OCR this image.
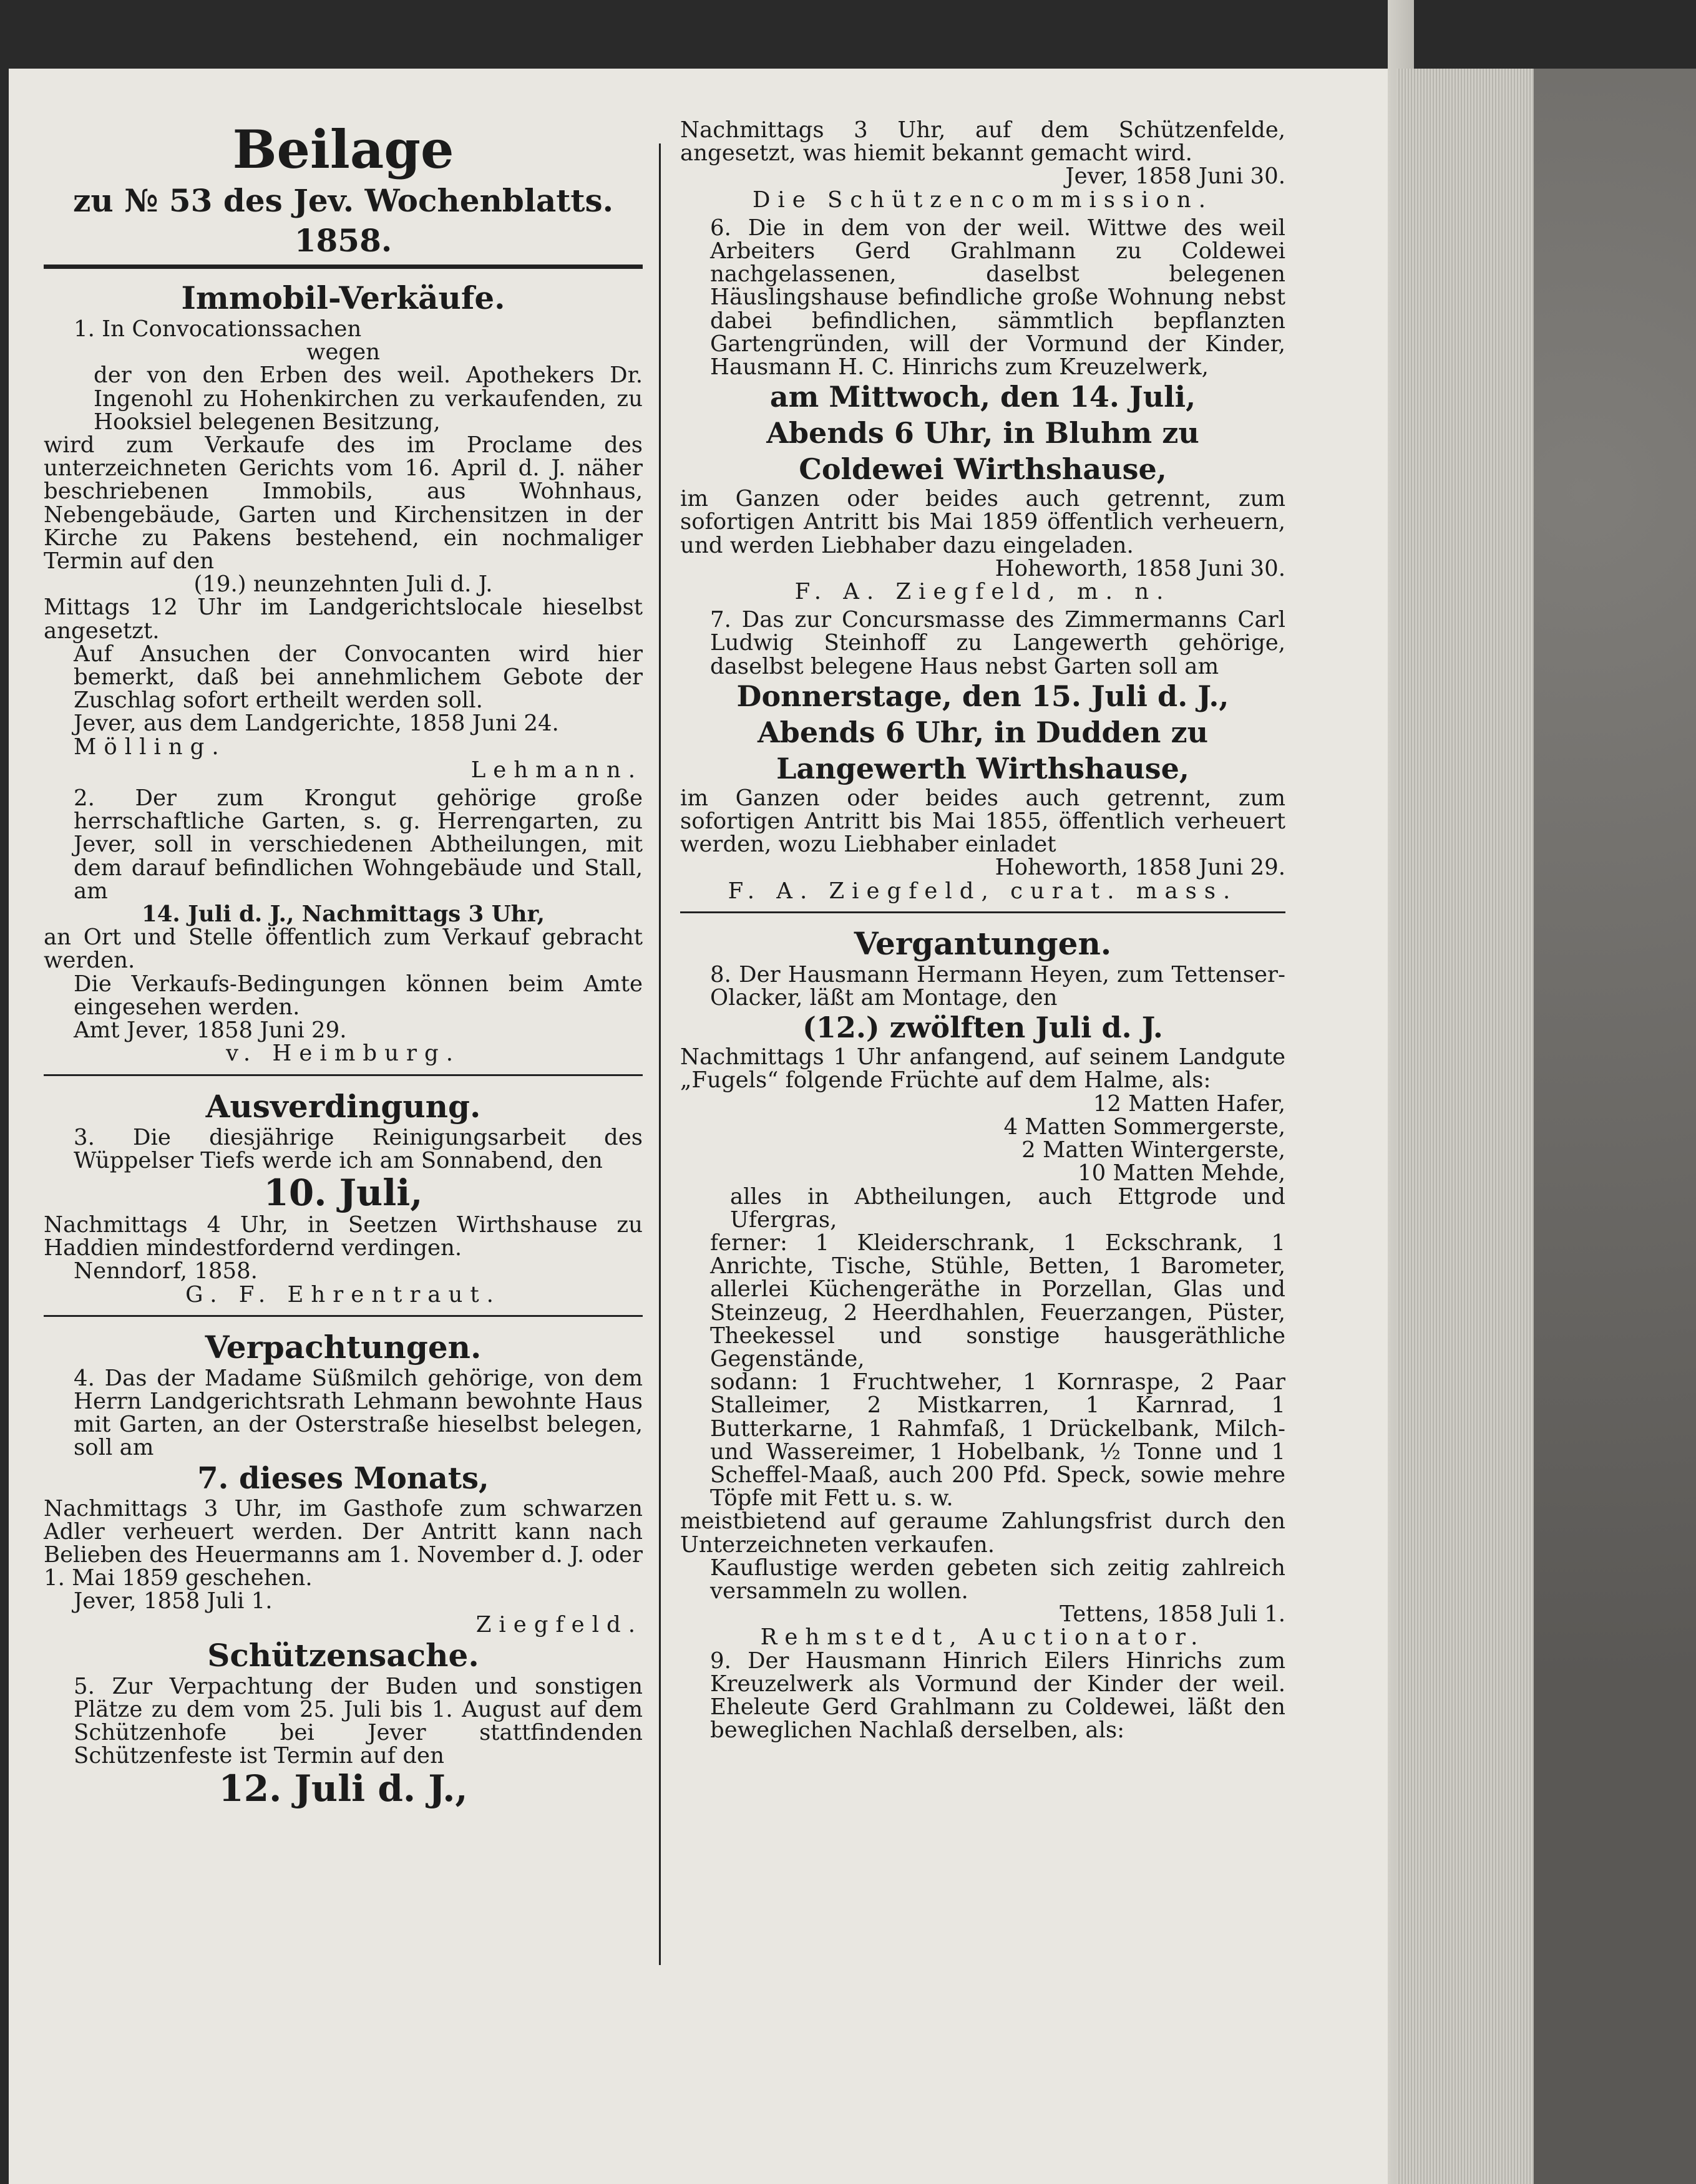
Beilage
zu № 53 des Jev. Wochenblatts. 1858.
Immobil-Verkäufe.

1. In Convocationssachen

wegen

der von den Erben des weil. Apothekers Dr. Ingenohl zu Hohenkirchen zu verkaufenden, zu Hooksiel belegenen Besitzung,

wird zum Verkaufe des im Proclame des unterzeichneten Gerichts vom 16. April d. J. näher beschriebenen Immobils, aus Wohnhaus, Nebengebäude, Garten und Kirchensitzen in der Kirche zu Pakens bestehend, ein nochmaliger Termin auf den

(19.) neunzehnten Juli d. J.

Mittags 12 Uhr im Landgerichtslocale hieselbst angesetzt.

Auf Ansuchen der Convocanten wird hier bemerkt, daß bei annehmlichem Gebote der Zuschlag sofort ertheilt werden soll.

Jever, aus dem Landgerichte, 1858 Juni 24.

Mölling.

Lehmann.

2. Der zum Krongut gehörige große herrschaftliche Garten, s. g. Herrengarten, zu Jever, soll in verschiedenen Abtheilungen, mit dem darauf befindlichen Wohngebäude und Stall, am

14. Juli d. J., Nachmittags 3 Uhr,

an Ort und Stelle öffentlich zum Verkauf gebracht werden.

Die Verkaufs-Bedingungen können beim Amte eingesehen werden.

Amt Jever, 1858 Juni 29.

v. Heimburg.

Ausverdingung.

3. Die diesjährige Reinigungsarbeit des Wüppelser Tiefs werde ich am Sonnabend, den

10. Juli,

Nachmittags 4 Uhr, in Seetzen Wirthshause zu Haddien mindestfordernd verdingen.

Nenndorf, 1858.

G. F. Ehrentraut.

Verpachtungen.

4. Das der Madame Süßmilch gehörige, von dem Herrn Landgerichtsrath Lehmann bewohnte Haus mit Garten, an der Osterstraße hieselbst belegen, soll am

7. dieses Monats,

Nachmittags 3 Uhr, im Gasthofe zum schwarzen Adler verheuert werden. Der Antritt kann nach Belieben des Heuermanns am 1. November d. J. oder 1. Mai 1859 geschehen.

Jever, 1858 Juli 1.

Ziegfeld.

Schützensache.

5. Zur Verpachtung der Buden und sonstigen Plätze zu dem vom 25. Juli bis 1. August auf dem Schützenhofe bei Jever stattfindenden Schützenfeste ist Termin auf den

12. Juli d. J.,

Nachmittags 3 Uhr, auf dem Schützenfelde, angesetzt, was hiemit bekannt gemacht wird.

Jever, 1858 Juni 30.

Die Schützencommission.

6. Die in dem von der weil. Wittwe des weil Arbeiters Gerd Grahlmann zu Coldewei nachgelassenen, daselbst belegenen Häuslingshause befindliche große Wohnung nebst dabei befindlichen, sämmtlich bepflanzten Gartengründen, will der Vormund der Kinder, Hausmann H. C. Hinrichs zum Kreuzelwerk,

am Mittwoch, den 14. Juli,
Abends 6 Uhr, in Bluhm zu
Coldewei Wirthshause,

im Ganzen oder beides auch getrennt, zum sofortigen Antritt bis Mai 1859 öffentlich verheuern, und werden Liebhaber dazu eingeladen.

Hoheworth, 1858 Juni 30.

F. A. Ziegfeld, m. n.

7. Das zur Concursmasse des Zimmermanns Carl Ludwig Steinhoff zu Langewerth gehörige, daselbst belegene Haus nebst Garten soll am

Donnerstage, den 15. Juli d. J.,
Abends 6 Uhr, in Dudden zu
Langewerth Wirthshause,

im Ganzen oder beides auch getrennt, zum sofortigen Antritt bis Mai 1855, öffentlich verheuert werden, wozu Liebhaber einladet

Hoheworth, 1858 Juni 29.

F. A. Ziegfeld, curat. mass.

Vergantungen.

8. Der Hausmann Hermann Heyen, zum Tettenser-Olacker, läßt am Montage, den

(12.) zwölften Juli d. J.

Nachmittags 1 Uhr anfangend, auf seinem Landgute „Fugels“ folgende Früchte auf dem Halme, als:

12 Matten Hafer,

4 Matten Sommergerste,

2 Matten Wintergerste,

10 Matten Mehde,

alles in Abtheilungen, auch Ettgrode und Ufergras,

ferner: 1 Kleiderschrank, 1 Eckschrank, 1 Anrichte, Tische, Stühle, Betten, 1 Barometer, allerlei Küchengeräthe in Porzellan, Glas und Steinzeug, 2 Heerdhahlen, Feuerzangen, Püster, Theekessel und sonstige hausgeräthliche Gegenstände,

sodann: 1 Fruchtweher, 1 Kornraspe, 2 Paar Stalleimer, 2 Mistkarren, 1 Karnrad, 1 Butterkarne, 1 Rahmfaß, 1 Drückelbank, Milch- und Wassereimer, 1 Hobelbank, ½ Tonne und 1 Scheffel-Maaß, auch 200 Pfd. Speck, sowie mehre Töpfe mit Fett u. s. w.

meistbietend auf geraume Zahlungsfrist durch den Unterzeichneten verkaufen.

Kauflustige werden gebeten sich zeitig zahlreich versammeln zu wollen.

Tettens, 1858 Juli 1.

Rehmstedt, Auctionator.

9. Der Hausmann Hinrich Eilers Hinrichs zum Kreuzelwerk als Vormund der Kinder der weil. Eheleute Gerd Grahlmann zu Coldewei, läßt den beweglichen Nachlaß derselben, als:
